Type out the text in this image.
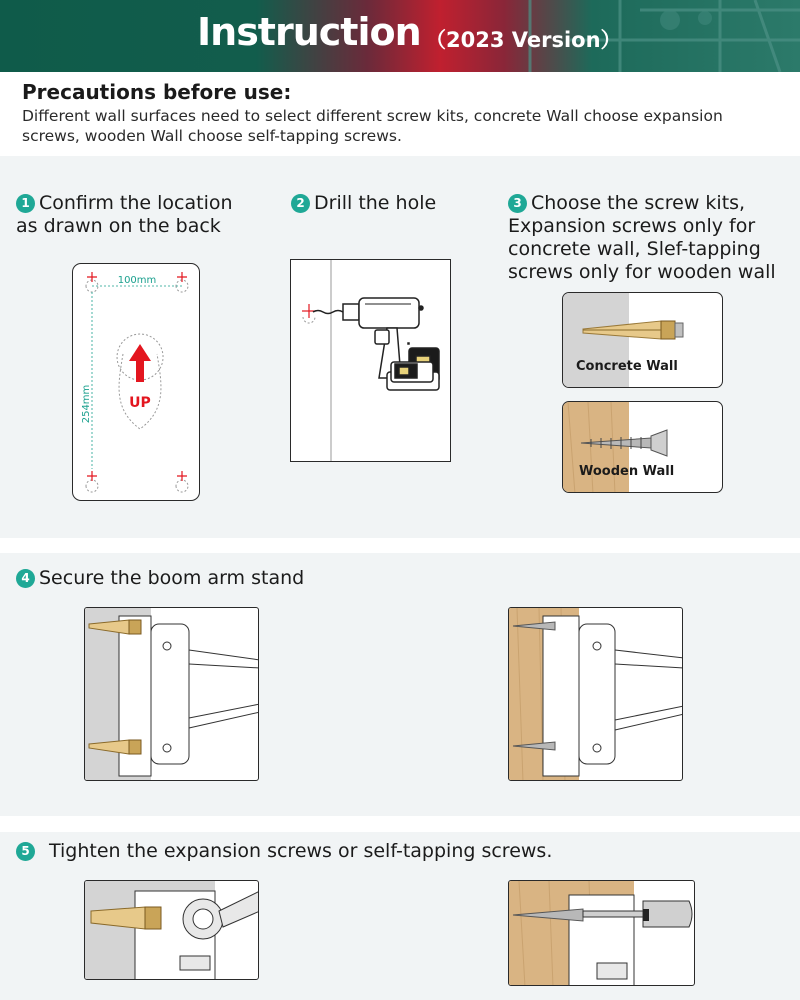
Instruction （2023 Version）
Precautions before use:
Different wall surfaces need to select different screw kits, concrete Wall choose expansion screws, wooden Wall choose self-tapping screws.
1 Confirm the location
as drawn on the back
100mm
254mm	UP
2 Drill the hole	3 Choose the screw kits,
Expansion screws only for
concrete wall, Slef-tapping
screws only for wooden wall
Concrete Wall
Wooden Wall
4 Secure the boom arm stand
5 Tighten the expansion screws or self-tapping screws.
